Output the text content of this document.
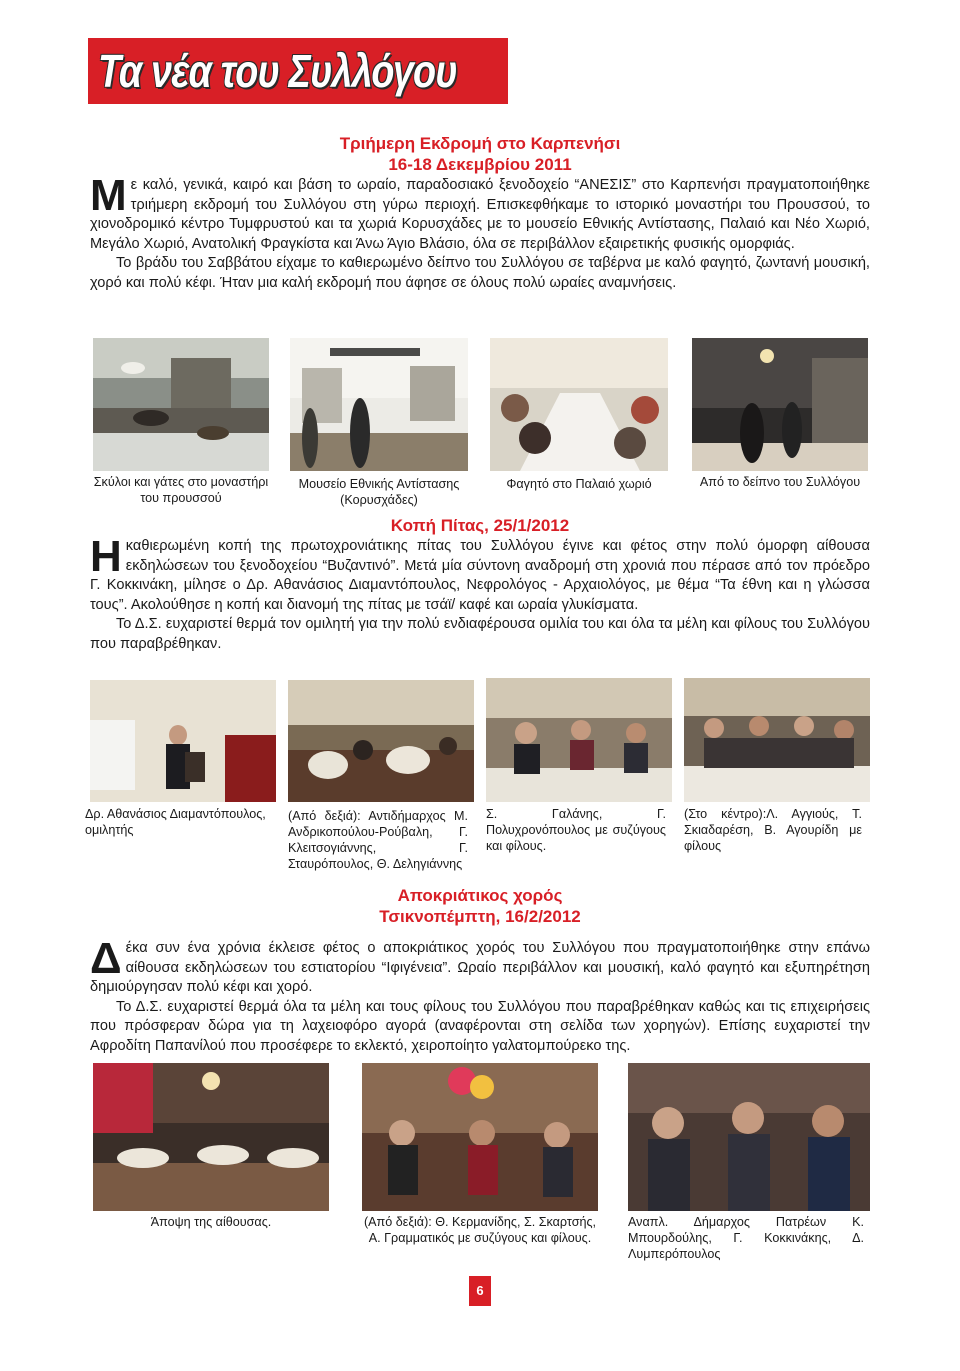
Τα νέα του Συλλόγου
Τριήμερη Εκδρομή στο Καρπενήσι
16-18 Δεκεμβρίου 2011

Με καλό, γενικά, καιρό και βάση το ωραίο, παραδοσιακό ξενοδοχείο “ΑΝΕΣΙΣ” στο Καρπενήσι πραγματοποιήθηκε τριήμερη εκδρομή του Συλλόγου στη γύρω περιοχή. Επισκεφθήκαμε το ιστορικό μοναστήρι του Προυσσού, το χιονοδρομικό κέντρο Τυμφρυστού και τα χωριά Κορυσχάδες με το μουσείο Εθνικής Αντίστασης, Παλαιό και Νέο Χωριό, Μεγάλο Χωριό, Ανατολική Φραγκίστα και Άνω Άγιο Βλάσιο, όλα σε περιβάλλον εξαιρετικής φυσικής ομορφιάς.

Το βράδυ του Σαββάτου είχαμε το καθιερωμένο δείπνο του Συλλόγου σε ταβέρνα με καλό φαγητό, ζωντανή μουσική, χορό και πολύ κέφι. Ήταν μια καλή εκδρομή που άφησε σε όλους πολύ ωραίες αναμνήσεις.

Σκύλοι και γάτες στο μοναστήρι του προυσσού

Μουσείο Εθνικής Αντίστασης (Κορυσχάδες)

Φαγητό στο Παλαιό χωριό	Από το δείπνο του Συλλόγου

Κοπή Πίτας, 25/1/2012

Ηκαθιερωμένη κοπή της πρωτοχρονιάτικης πίτας του Συλλόγου έγινε και φέτος στην πολύ όμορφη αίθουσα εκδηλώσεων του ξενοδοχείου “Βυζαντινό”. Μετά μία σύντονη αναδρομή στη χρονιά που πέρασε από τον πρόεδρο Γ. Κοκκινάκη, μίλησε ο Δρ. Αθανάσιος Διαμαντόπουλος, Νεφρολόγος - Αρχαιολόγος, με θέμα “Τα έθνη και η γλώσσα τους”. Ακολούθησε η κοπή και διανομή της πίτας με τσάϊ/ καφέ και ωραία γλυκίσματα.

Το Δ.Σ. ευχαριστεί θερμά τον ομιλητή για την πολύ ενδιαφέρουσα ομιλία του και όλα τα μέλη και φίλους του Συλλόγου που παραβρέθηκαν.

Δρ. Αθανάσιος Διαμαντόπουλος, ομιλητής

(Από δεξιά): Αντιδήμαρχος Μ. Ανδρικοπούλου-Ρούβαλη, Γ. Κλειτσογιάννης, Γ. Σταυρόπουλος, Θ. Δεληγιάννης

Σ. Γαλάνης, Γ. Πολυχρονόπουλος με συζύγους και φίλους.

(Στο κέντρο):Λ. Αγγιούς, Τ. Σκιαδαρέση, Β. Αγουρίδη με φίλους

Αποκριάτικος χορός
Τσικνοπέμπτη, 16/2/2012

Δέκα συν ένα χρόνια έκλεισε φέτος ο αποκριάτικος χορός του Συλλόγου που πραγματοποιήθηκε στην επάνω αίθουσα εκδηλώσεων του εστιατορίου “Ιφιγένεια”. Ωραίο περιβάλλον και μουσική, καλό φαγητό και εξυπηρέτηση δημιούργησαν πολύ κέφι και χορό.

Το Δ.Σ. ευχαριστεί θερμά όλα τα μέλη και τους φίλους του Συλλόγου που παραβρέθηκαν καθώς και τις επιχειρήσεις που πρόσφεραν δώρα για τη λαχειοφόρο αγορά (αναφέρονται στη σελίδα των χορηγών). Επίσης ευχαριστεί την Αφροδίτη Παπανίλού που προσέφερε το εκλεκτό, χειροποίητο γαλατομπούρεκο της.

Άποψη της αίθουσας.	(Από δεξιά): Θ. Κερμανίδης, Σ. Σκαρτσής, Α. Γραμματικός με συζύγους και φίλους.

Αναπλ. Δήμαρχος Πατρέων Κ. Μπουρδούλης, Γ. Κοκκινάκης, Δ. Λυμπερόπουλος

6
